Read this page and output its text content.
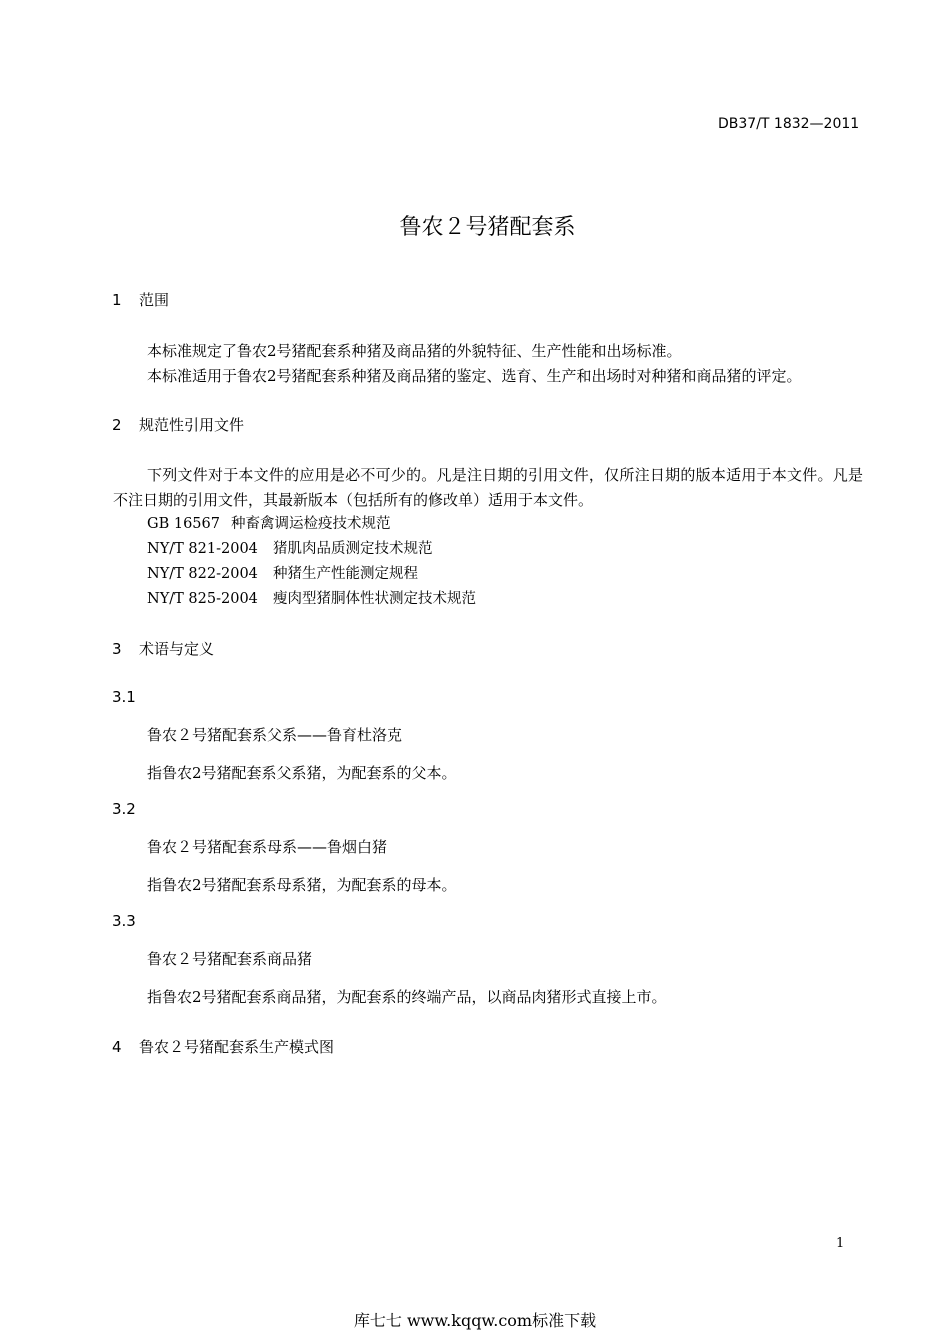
DB37/T 1832—2011
鲁农２号猪配套系
1 范围
本标准规定了鲁农2号猪配套系种猪及商品猪的外貌特征、生产性能和出场标准。
本标准适用于鲁农2号猪配套系种猪及商品猪的鉴定、选育、生产和出场时对种猪和商品猪的评定。
2 规范性引用文件
下列文件对于本文件的应用是必不可少的。凡是注日期的引用文件，仅所注日期的版本适用于本文件。凡是不注日期的引用文件，其最新版本（包括所有的修改单）适用于本文件。
GB 16567 种畜禽调运检疫技术规范
NY/T 821-2004 猪肌肉品质测定技术规范
NY/T 822-2004 种猪生产性能测定规程
NY/T 825-2004 瘦肉型猪胴体性状测定技术规范
3 术语与定义
3.1
鲁农２号猪配套系父系——鲁育杜洛克
指鲁农2号猪配套系父系猪，为配套系的父本。
3.2
鲁农２号猪配套系母系——鲁烟白猪
指鲁农2号猪配套系母系猪，为配套系的母本。
3.3
鲁农２号猪配套系商品猪
指鲁农2号猪配套系商品猪，为配套系的终端产品，以商品肉猪形式直接上市。
4 鲁农２号猪配套系生产模式图
1
库七七 www.kqqw.com标准下载
